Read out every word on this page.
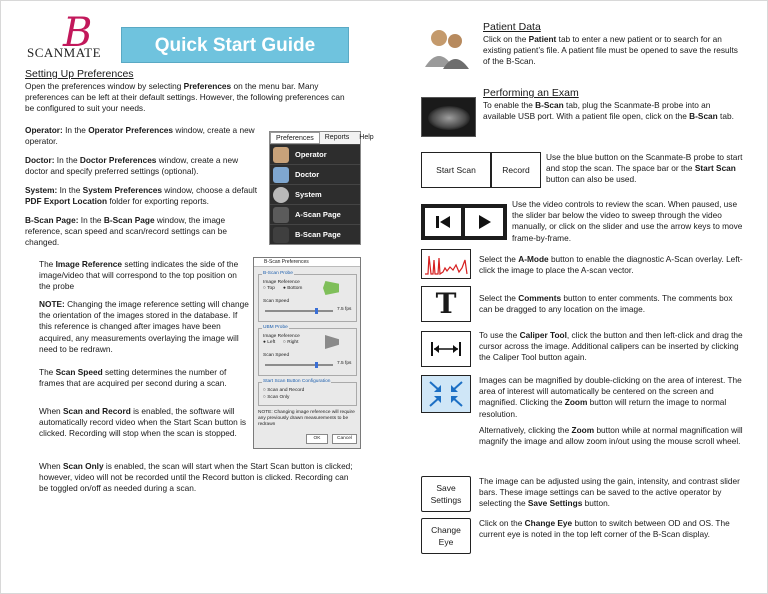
B
SCANMATE	Quick Start Guide
Setting Up Preferences

Open the preferences window by selecting Preferences on the menu bar. Many preferences can be left at their default settings. However, the following preferences can be configured to suit your needs.

Operator: In the Operator Preferences window, create a new operator.

Doctor: In the Doctor Preferences window, create a new doctor and specify preferred settings (optional).

System: In the System Preferences window, choose a default PDF Export Location folder for exporting reports.

B-Scan Page: In the B-Scan Page window, the image reference, scan speed and scan/record settings can be changed.

Preferences	Reports	Help
Operator
Doctor
System
A-Scan Page
B-Scan Page

The Image Reference setting indicates the side of the image/video that will correspond to the top position on the probe

NOTE: Changing the image reference setting will change the orientation of the images stored in the database. If this reference is changed after images have been acquired, any measurements overlaying the image will need to be redrawn.

The Scan Speed setting determines the number of frames that are acquired per second during a scan.

When Scan and Record is enabled, the software will automatically record video when the Start Scan button is clicked. Recording will stop when the scan is stopped.

When Scan Only is enabled, the scan will start when the Start Scan button is clicked; however, video will not be recorded until the Record button is clicked. Recording can be toggled on/off as needed during a scan.

B-Scan Preferences
B-Scan Probe
Image Reference
○ Top ● Bottom
Scan Speed
7.5 fps
UBM Probe
Image Reference
● Left ○ Right
Scan Speed
7.5 fps
Start Scan Button Configuration
○ Scan and Record
○ Scan Only
NOTE: Changing image reference will require any previously drawn measurements to be redrawn
OK	Cancel
Patient Data

Click on the Patient tab to enter a new patient or to search for an existing patient’s file. A patient file must be opened to save the results of the B-Scan.

Performing an Exam

To enable the B-Scan tab, plug the Scanmate-B probe into an available USB port. With a patient file open, click on the B-Scan tab.

Start Scan	Record

Use the blue button on the Scanmate-B probe to start and stop the scan. The space bar or the Start Scan button can also be used.

Use the video controls to review the scan. When paused, use the slider bar below the video to sweep through the video manually, or click on the slider and use the arrow keys to move frame-by-frame.

Select the A-Mode button to enable the diagnostic A-Scan overlay. Left-click the image to place the A-scan vector.

T	Select the Comments button to enter comments. The comments box can be dragged to any location on the image.

To use the Caliper Tool, click the button and then left-click and drag the cursor across the image. Additional calipers can be inserted by clicking the Caliper Tool button again.

Images can be magnified by double-clicking on the area of interest. The area of interest will automatically be centered on the screen and magnified. Clicking the Zoom button will return the image to normal resolution.

Alternatively, clicking the Zoom button while at normal magnification will magnify the image and allow zoom in/out using the mouse scroll wheel.

Save
Settings

The image can be adjusted using the gain, intensity, and contrast slider bars. These image settings can be saved to the active operator by selecting the Save Settings button.

Change
Eye

Click on the Change Eye button to switch between OD and OS. The current eye is noted in the top left corner of the B-Scan display.
